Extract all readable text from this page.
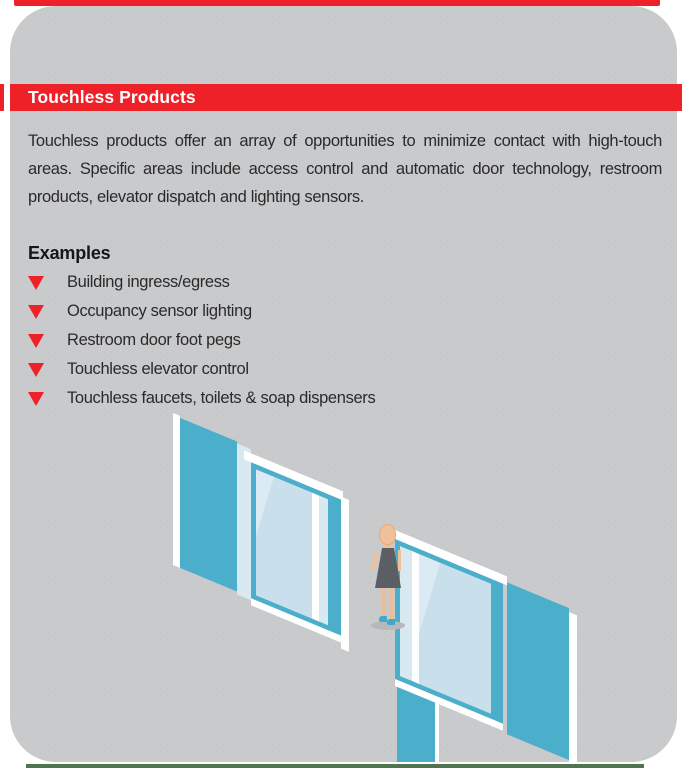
Touchless products offer an array of opportunities to minimize contact with high-touch areas. Specific areas include access control and automatic door technology, restroom products, elevator dispatch and lighting sensors.

Examples
Building ingress/egress
Occupancy sensor lighting
Restroom door foot pegs
Touchless elevator control
Touchless faucets, toilets & soap dispensers
Touchless Products
